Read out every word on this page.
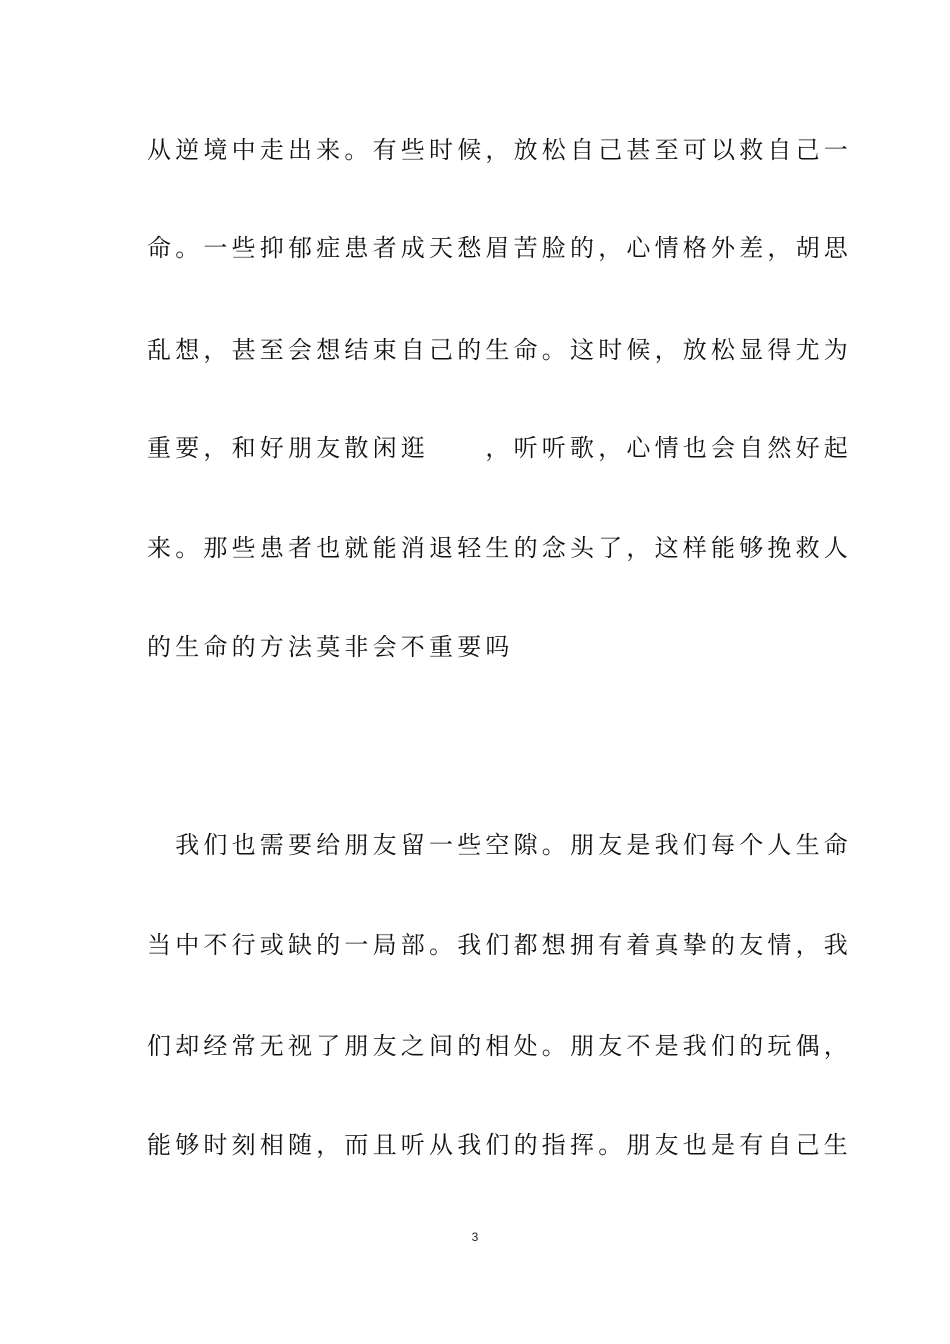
从逆境中走出来。有些时候，放松自己甚至可以救自己一
命。一些抑郁症患者成天愁眉苦脸的，心情格外差，胡思
乱想，甚至会想结束自己的生命。这时候，放松显得尤为
重要，和好朋友散闲逛　　，听听歌，心情也会自然好起
来。那些患者也就能消退轻生的念头了，这样能够挽救人
的生命的方法莫非会不重要吗
　我们也需要给朋友留一些空隙。朋友是我们每个人生命
当中不行或缺的一局部。我们都想拥有着真挚的友情，我
们却经常无视了朋友之间的相处。朋友不是我们的玩偶，
能够时刻相随，而且听从我们的指挥。朋友也是有自己生
3
